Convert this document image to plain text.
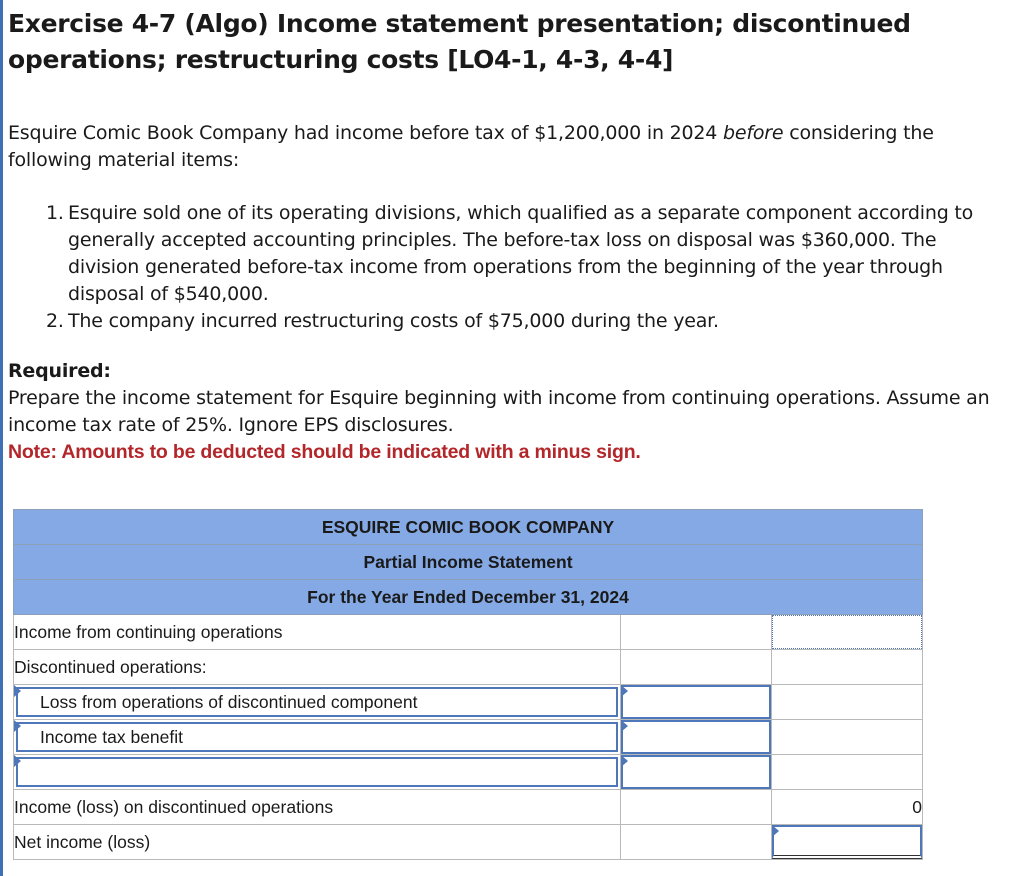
Exercise 4-7 (Algo) Income statement presentation; discontinued
operations; restructuring costs [LO4-1, 4-3, 4-4]
Esquire Comic Book Company had income before tax of $1,200,000 in 2024 before considering the following material items:
1. Esquire sold one of its operating divisions, which qualified as a separate component according to generally accepted accounting principles. The before-tax loss on disposal was $360,000. The division generated before-tax income from operations from the beginning of the year through disposal of $540,000.
2. The company incurred restructuring costs of $75,000 during the year.
Required:
Prepare the income statement for Esquire beginning with income from continuing operations. Assume an income tax rate of 25%. Ignore EPS disclosures.
Note: Amounts to be deducted should be indicated with a minus sign.
ESQUIRE COMIC BOOK COMPANY		
Partial Income Statement		
For the Year Ended December 31, 2024		
Income from continuing operations		

Discontinued operations:		

Loss from operations of discontinued component		

Income tax benefit		

Income (loss) on discontinued operations		0
Net income (loss)		
